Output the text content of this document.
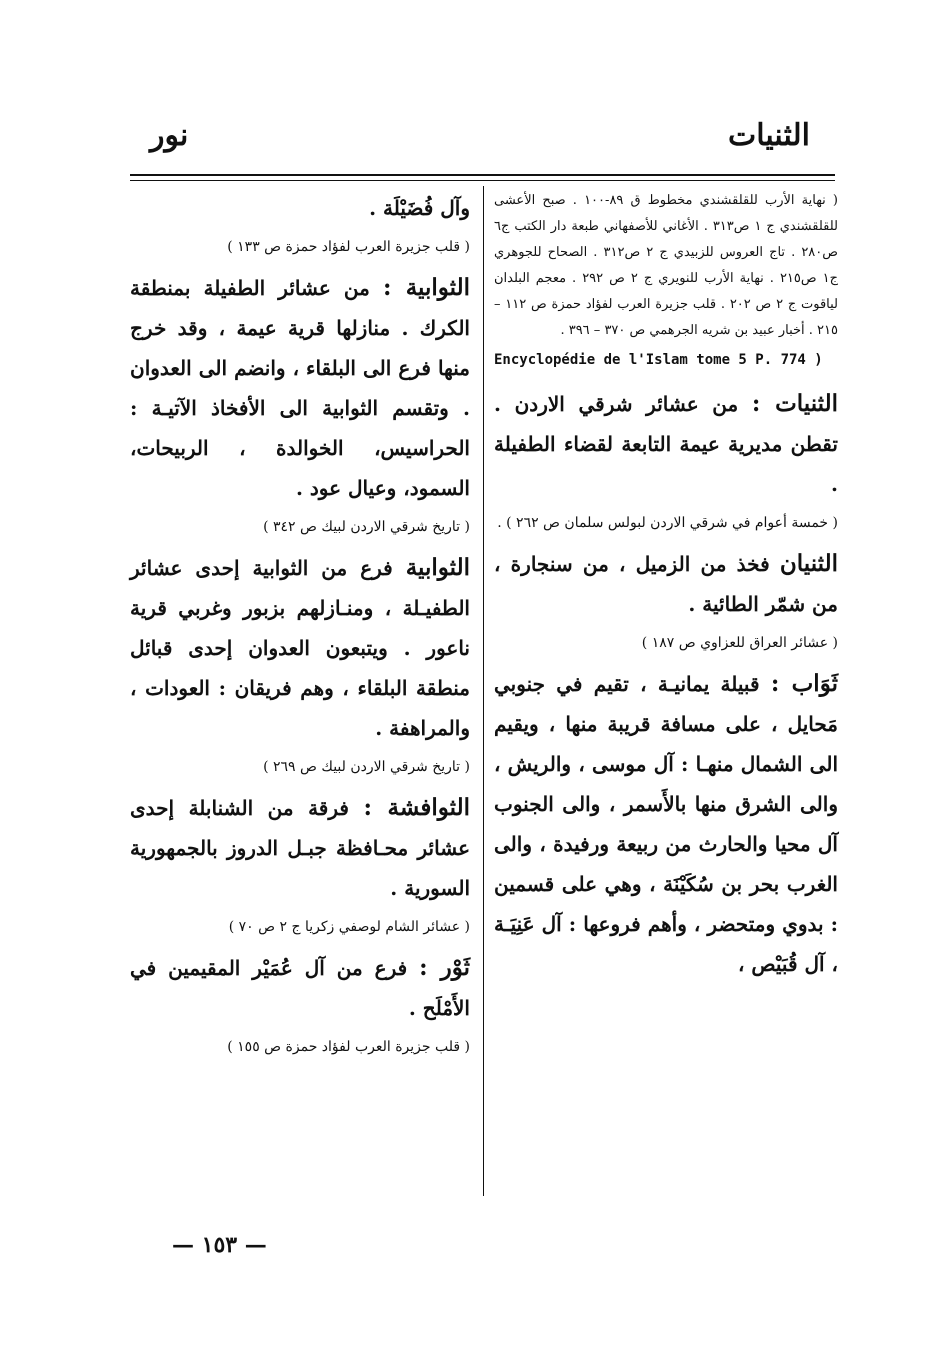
الثنيات
نور

( نهاية الأرب للقلقشندي مخطوط ق ٨٩-١٠٠ . صبح الأعشى للقلقشندي ج ١ ص٣١٣ . الأغاني للأصفهاني طبعة دار الكتب ج٦ ص٢٨٠ . تاج العروس للزبيدي ج ٢ ص٣١٢ . الصحاح للجوهري ج١ ص٢١٥ . نهاية الأرب للنويري ج ٢ ص ٢٩٢ . معجم البلدان لياقوت ج ٢ ص ٢٠٢ . قلب جزيرة العرب لفؤاد حمزة ص ١١٢ – ٢١٥ . أخبار عبيد بن شريه الجرهمي ص ٣٧٠ – ٣٩٦ .

Encyclopédie de l'Islam tome 5 P. 774 )

الثنيات : من عشائر شرقي الاردن . تقطن مديرية عيمة التابعة لقضاء الطفيلة .

( خمسة أعوام في شرقي الاردن لبولس سلمان ص ٢٦٢ ) .

الثنيان فخذ من الزميل ، من سنجارة ، من شمّر الطائية .

( عشائر العراق للعزاوي ص ١٨٧ )

ثَوَاب : قبيلة يمانيـة ، تقيم في جنوبي مَحايل ، على مسافة قريبة منها ، ويقيم الى الشمال منهـا : آل موسى ، والريش ، والى الشرق منها بالأَسمر ، والى الجنوب آل محيا والحارث من ربيعة ورفيدة ، والى الغرب بحر بن سُكَيْنَة ، وهي على قسمين : بدوي ومتحضر ، وأهم فروعها : آل عَنِيَـة ، آل قُبَيْص ،

وآل فُضَيْلَة .

( قلب جزيرة العرب لفؤاد حمزة ص ١٣٣ )

الثوابية : من عشائر الطفيلة بمنطقة الكرك . منازلها قرية عيمة ، وقد خرج منها فرع الى البلقاء ، وانضم الى العدوان . وتقسم الثوابية الى الأفخاذ الآتيـة : الحراسيس، الخوالدة ، الربيحات، السمود، وعيال عود .

( تاريخ شرقي الاردن لبيك ص ٣٤٢ )

الثوابية فرع من الثوابية إحدى عشائر الطفيـلة ، ومنـازلهم بزبور وغربي قرية ناعور . ويتبعون العدوان إحدى قبائل منطقة البلقاء ، وهم فريقان : العودات ، والمراهفة .

( تاريخ شرقي الاردن لبيك ص ٢٦٩ )

الثوافشة : فرقة من الشنابلة إحدى عشائر محـافظة جبـل الدروز بالجمهورية السورية .

( عشائر الشام لوصفي زكريا ج ٢ ص ٧٠ )

ثَوْر : فرع من آل عُمَيْر المقيمين في الأَمْلَح .

( قلب جزيرة العرب لفؤاد حمزة ص ١٥٥ )

— ١٥٣ —
